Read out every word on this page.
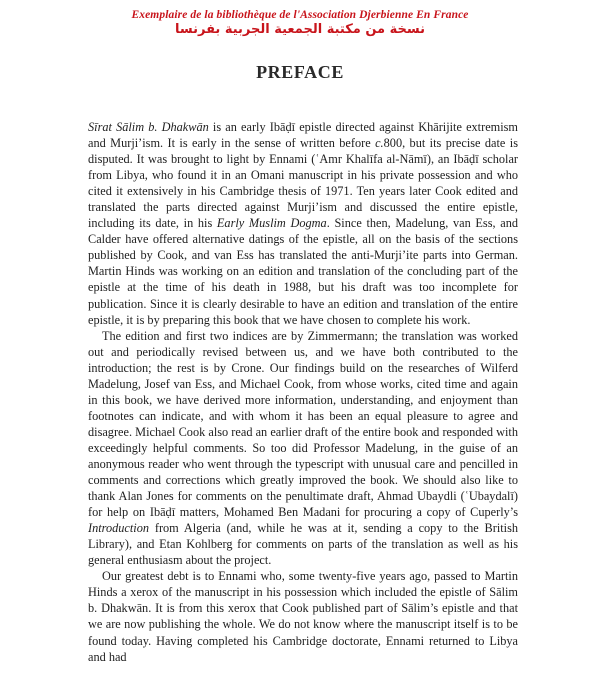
Exemplaire de la bibliothèque de l'Association Djerbienne En France
نسخة من مكتبة الجمعية الجربية بفرنسا
PREFACE

Sīrat Sālim b. Dhakwān is an early Ibāḍī epistle directed against Khārijite extremism and Murji’ism. It is early in the sense of written before c.800, but its precise date is disputed. It was brought to light by Ennami (ʿAmr Khalīfa al-Nāmī), an Ibāḍī scholar from Libya, who found it in an Omani manuscript in his private possession and who cited it extensively in his Cambridge thesis of 1971. Ten years later Cook edited and translated the parts directed against Murji’ism and discussed the entire epistle, including its date, in his Early Muslim Dogma. Since then, Madelung, van Ess, and Calder have offered alternative datings of the epistle, all on the basis of the sections published by Cook, and van Ess has translated the anti-Murji’ite parts into German. Martin Hinds was working on an edition and translation of the concluding part of the epistle at the time of his death in 1988, but his draft was too incomplete for publication. Since it is clearly desirable to have an edition and translation of the entire epistle, it is by preparing this book that we have chosen to complete his work.

The edition and first two indices are by Zimmermann; the translation was worked out and periodically revised between us, and we have both contributed to the introduction; the rest is by Crone. Our findings build on the researches of Wilferd Madelung, Josef van Ess, and Michael Cook, from whose works, cited time and again in this book, we have derived more information, understanding, and enjoyment than footnotes can indicate, and with whom it has been an equal pleasure to agree and disagree. Michael Cook also read an earlier draft of the entire book and responded with exceedingly helpful comments. So too did Professor Madelung, in the guise of an anonymous reader who went through the typescript with unusual care and pencilled in comments and corrections which greatly improved the book. We should also like to thank Alan Jones for comments on the penultimate draft, Ahmad Ubaydli (ʿUbaydalī) for help on Ibāḍī matters, Mohamed Ben Madani for procuring a copy of Cuperly’s Introduction from Algeria (and, while he was at it, sending a copy to the British Library), and Etan Kohlberg for comments on parts of the translation as well as his general enthusiasm about the project.

Our greatest debt is to Ennami who, some twenty-five years ago, passed to Martin Hinds a xerox of the manuscript in his possession which included the epistle of Sālim b. Dhakwān. It is from this xerox that Cook published part of Sālim’s epistle and that we are now publishing the whole. We do not know where the manuscript itself is to be found today. Having completed his Cambridge doctorate, Ennami returned to Libya and had
